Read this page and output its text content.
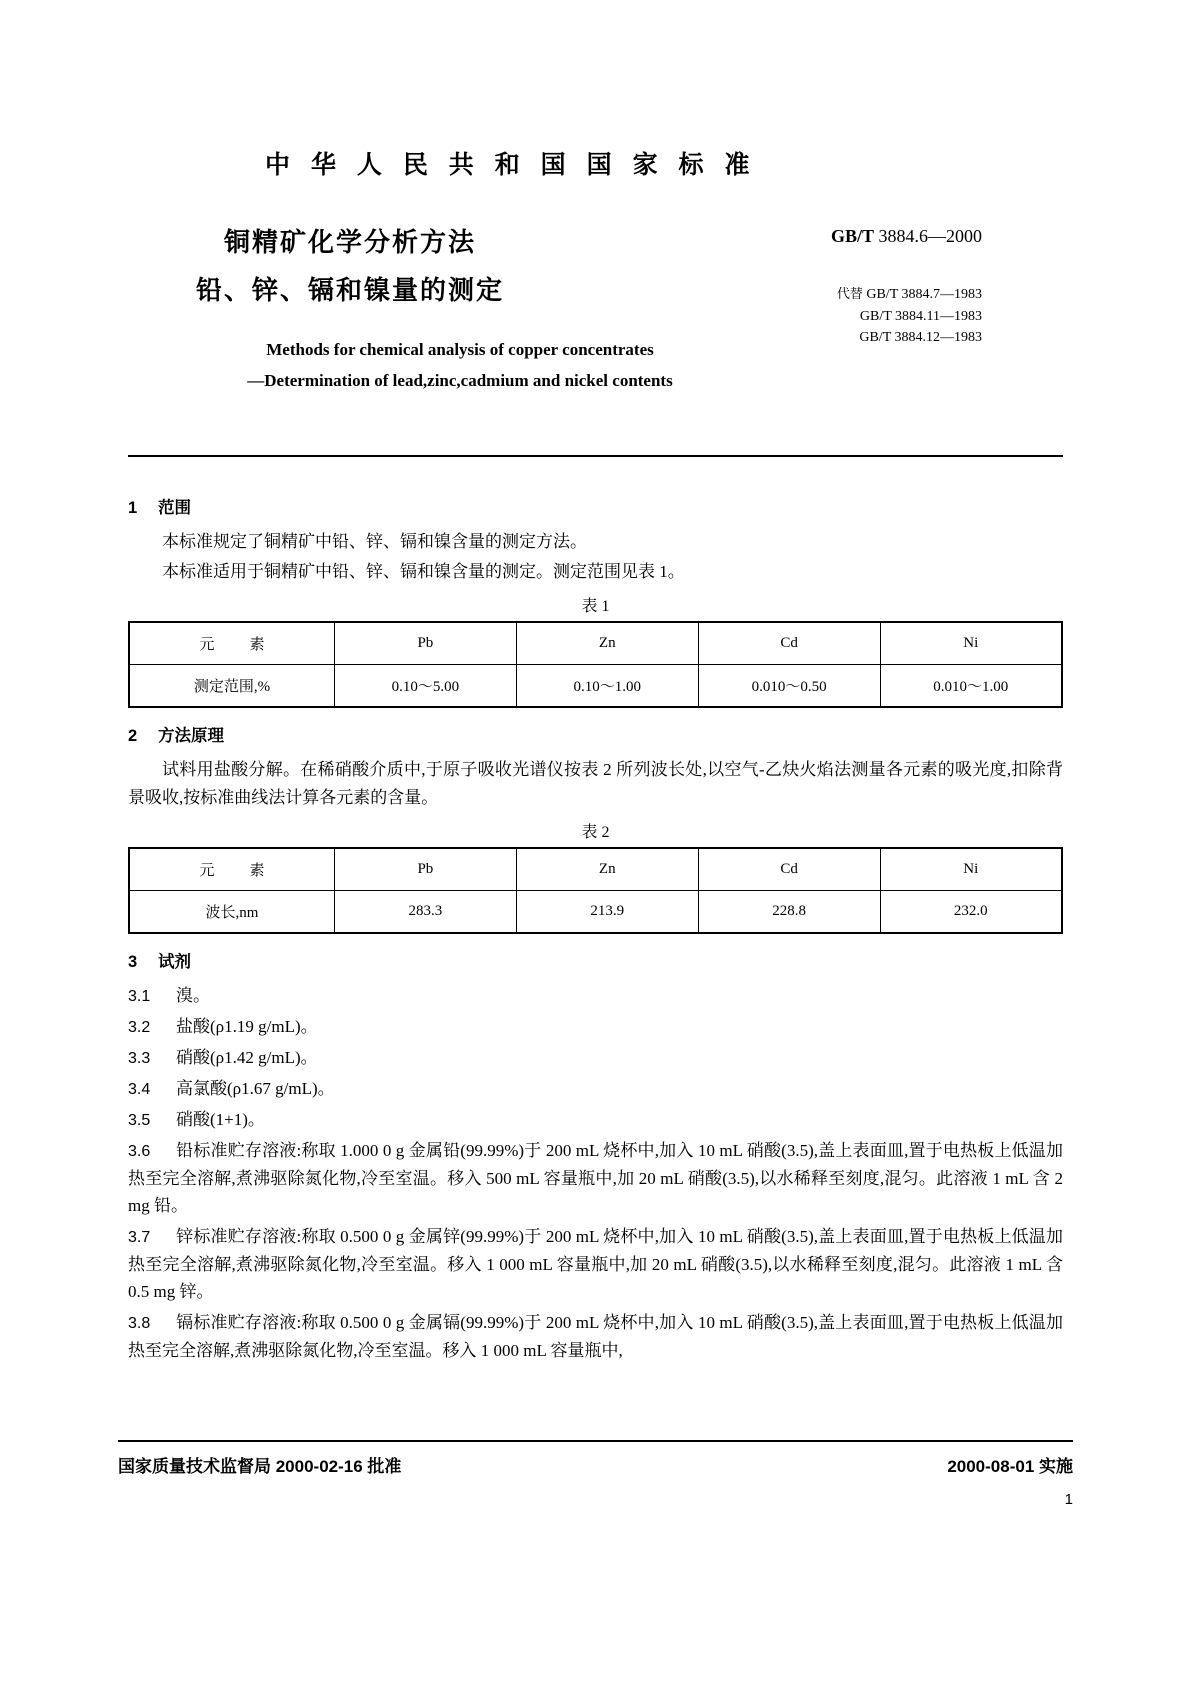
中 华 人 民 共 和 国 国 家 标 准
铜精矿化学分析方法
铅、锌、镉和镍量的测定
Methods for chemical analysis of copper concentrates
—Determination of lead,zinc,cadmium and nickel contents
GB/T 3884.6—2000
代替 GB/T 3884.7—1983
GB/T 3884.11—1983
GB/T 3884.12—1983
1 范围

本标准规定了铜精矿中铅、锌、镉和镍含量的测定方法。

本标准适用于铜精矿中铅、锌、镉和镍含量的测定。测定范围见表 1。

表 1
元　素	Pb	Zn	Cd	Ni
测定范围,%	0.10～5.00	0.10～1.00	0.010～0.50	0.010～1.00
2 方法原理

试料用盐酸分解。在稀硝酸介质中,于原子吸收光谱仪按表 2 所列波长处,以空气-乙炔火焰法测量各元素的吸光度,扣除背景吸收,按标准曲线法计算各元素的含量。

表 2
元　素	Pb	Zn	Cd	Ni
波长,nm	283.3	213.9	228.8	232.0
3 试剂

3.1 溴。

3.2 盐酸(ρ1.19 g/mL)。

3.3 硝酸(ρ1.42 g/mL)。

3.4 高氯酸(ρ1.67 g/mL)。

3.5 硝酸(1+1)。

3.6 铅标准贮存溶液:称取 1.000 0 g 金属铅(99.99%)于 200 mL 烧杯中,加入 10 mL 硝酸(3.5),盖上表面皿,置于电热板上低温加热至完全溶解,煮沸驱除氮化物,冷至室温。移入 500 mL 容量瓶中,加 20 mL 硝酸(3.5),以水稀释至刻度,混匀。此溶液 1 mL 含 2 mg 铅。

3.7 锌标准贮存溶液:称取 0.500 0 g 金属锌(99.99%)于 200 mL 烧杯中,加入 10 mL 硝酸(3.5),盖上表面皿,置于电热板上低温加热至完全溶解,煮沸驱除氮化物,冷至室温。移入 1 000 mL 容量瓶中,加 20 mL 硝酸(3.5),以水稀释至刻度,混匀。此溶液 1 mL 含 0.5 mg 锌。

3.8 镉标准贮存溶液:称取 0.500 0 g 金属镉(99.99%)于 200 mL 烧杯中,加入 10 mL 硝酸(3.5),盖上表面皿,置于电热板上低温加热至完全溶解,煮沸驱除氮化物,冷至室温。移入 1 000 mL 容量瓶中,

国家质量技术监督局 2000-02-16 批准	2000-08-01 实施
1
